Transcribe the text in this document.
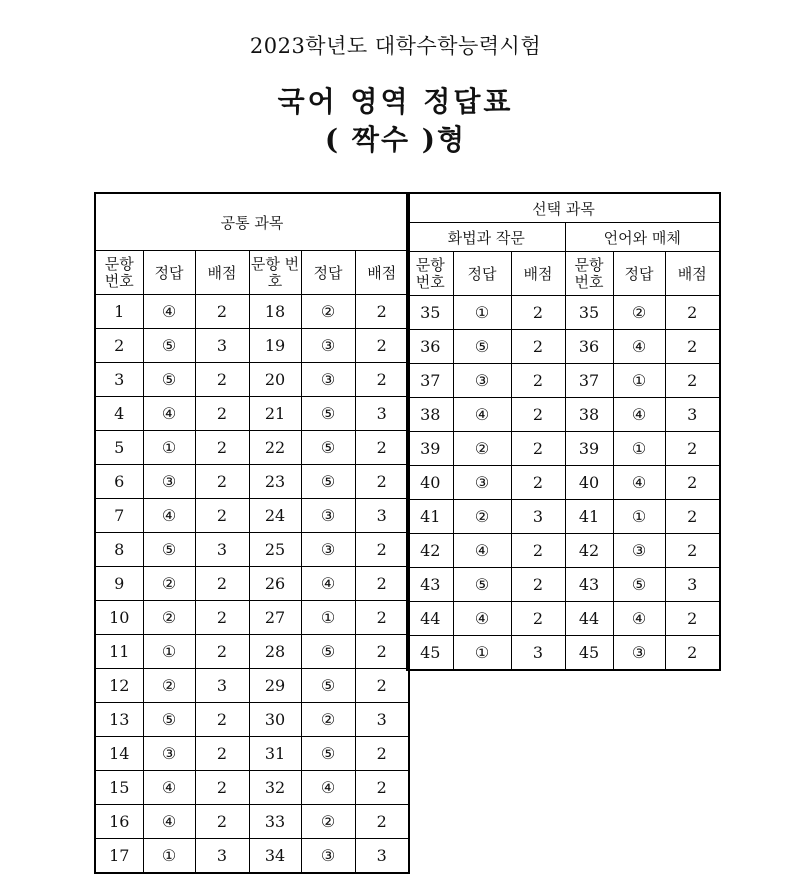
2023학년도 대학수학능력시험
국어 영역 정답표
( 짝수 )형
공통 과목					
문항 번호	정답	배점	문항 번호	정답	배점
1	④	2	18	②	2
2	⑤	3	19	③	2
3	⑤	2	20	③	2
4	④	2	21	⑤	3
5	①	2	22	⑤	2
6	③	2	23	⑤	2
7	④	2	24	③	3
8	⑤	3	25	③	2
9	②	2	26	④	2
10	②	2	27	①	2
11	①	2	28	⑤	2
12	②	3	29	⑤	2
13	⑤	2	30	②	3
14	③	2	31	⑤	2
15	④	2	32	④	2
16	④	2	33	②	2
17	①	3	34	③	3
선택 과목					
화법과 작문			언어와 매체		
문항 번호	정답	배점	문항 번호	정답	배점
35	①	2	35	②	2
36	⑤	2	36	④	2
37	③	2	37	①	2
38	④	2	38	④	3
39	②	2	39	①	2
40	③	2	40	④	2
41	②	3	41	①	2
42	④	2	42	③	2
43	⑤	2	43	⑤	3
44	④	2	44	④	2
45	①	3	45	③	2
